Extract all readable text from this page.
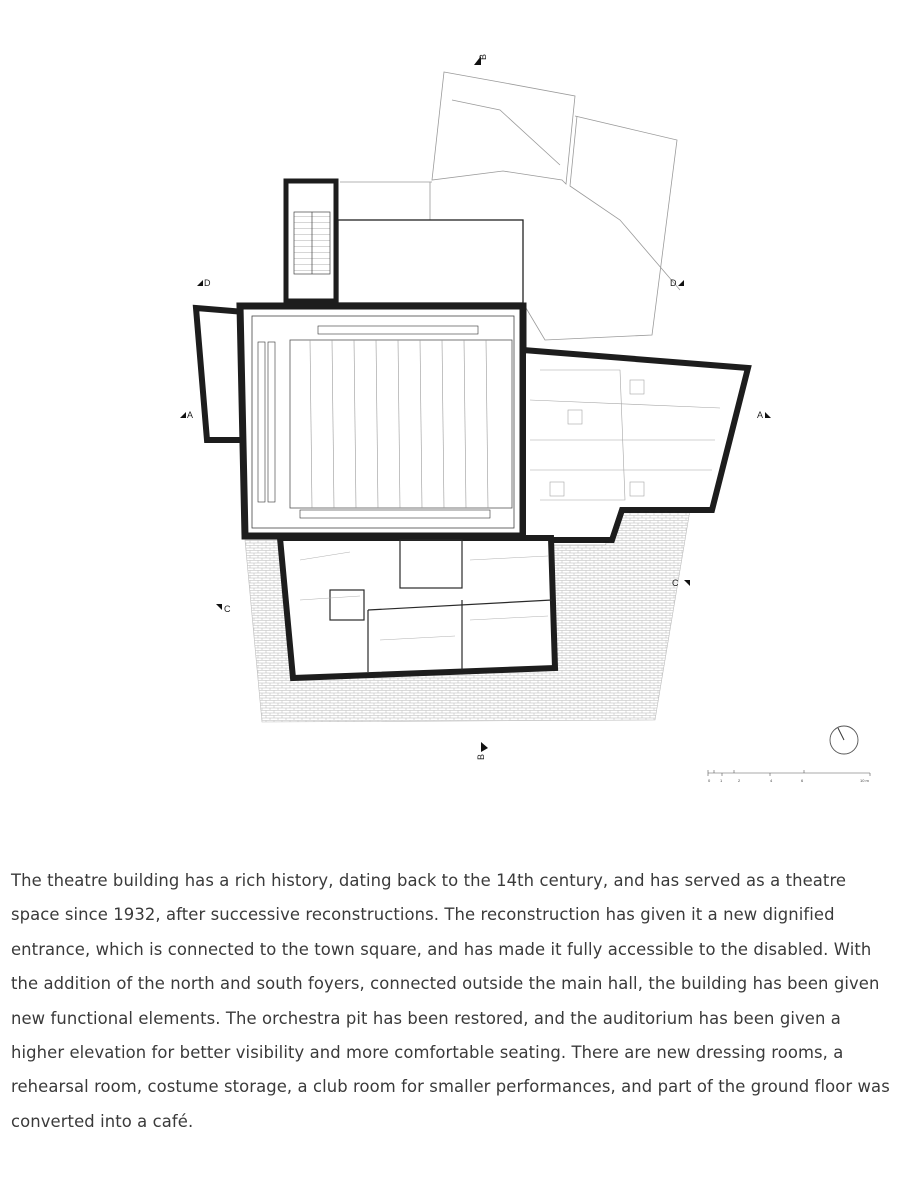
B
D	D
A	A
C
C
B
0 1	2	4	6	10 m

The theatre building has a rich history, dating back to the 14th century, and has served as a theatre space since 1932, after successive reconstructions. The reconstruction has given it a new dignified entrance, which is connected to the town square, and has made it fully accessible to the disabled. With the addition of the north and south foyers, connected outside the main hall, the building has been given new functional elements. The orchestra pit has been restored, and the auditorium has been given a higher elevation for better visibility and more comfortable seating. There are new dressing rooms, a rehearsal room, costume storage, a club room for smaller performances, and part of the ground floor was converted into a café.
